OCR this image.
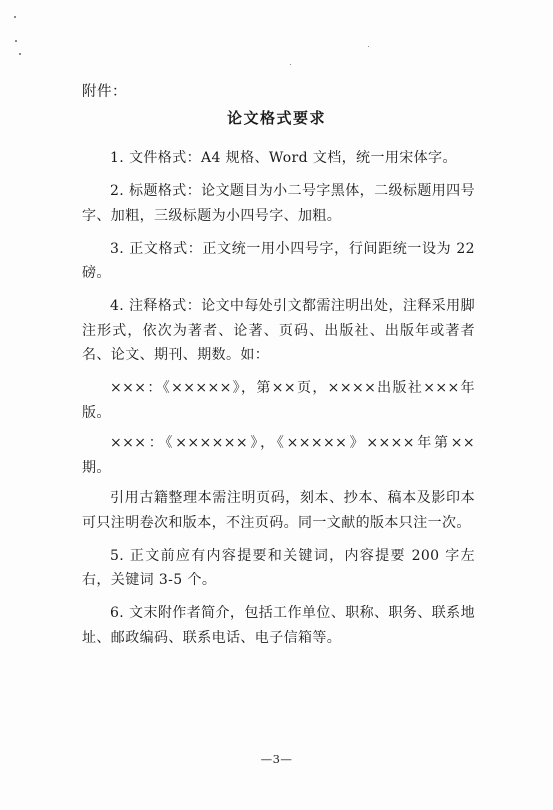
附件：
论文格式要求

1. 文件格式：A4 规格、Word 文档，统一用宋体字。

2. 标题格式：论文题目为小二号字黑体，二级标题用四号字、加粗，三级标题为小四号字、加粗。

3. 正文格式：正文统一用小四号字，行间距统一设为 22 磅。

4. 注释格式：论文中每处引文都需注明出处，注释采用脚注形式，依次为著者、论著、页码、出版社、出版年或著者名、论文、期刊、期数。如：

×××：《×××××》，第××页，××××出版社×××年版。

×××：《××××××》，《×××××》××××年第××期。

引用古籍整理本需注明页码，刻本、抄本、稿本及影印本可只注明卷次和版本，不注页码。同一文献的版本只注一次。

5. 正文前应有内容提要和关键词，内容提要 200 字左右，关键词 3-5 个。

6. 文末附作者简介，包括工作单位、职称、职务、联系地址、邮政编码、联系电话、电子信箱等。

—3—
